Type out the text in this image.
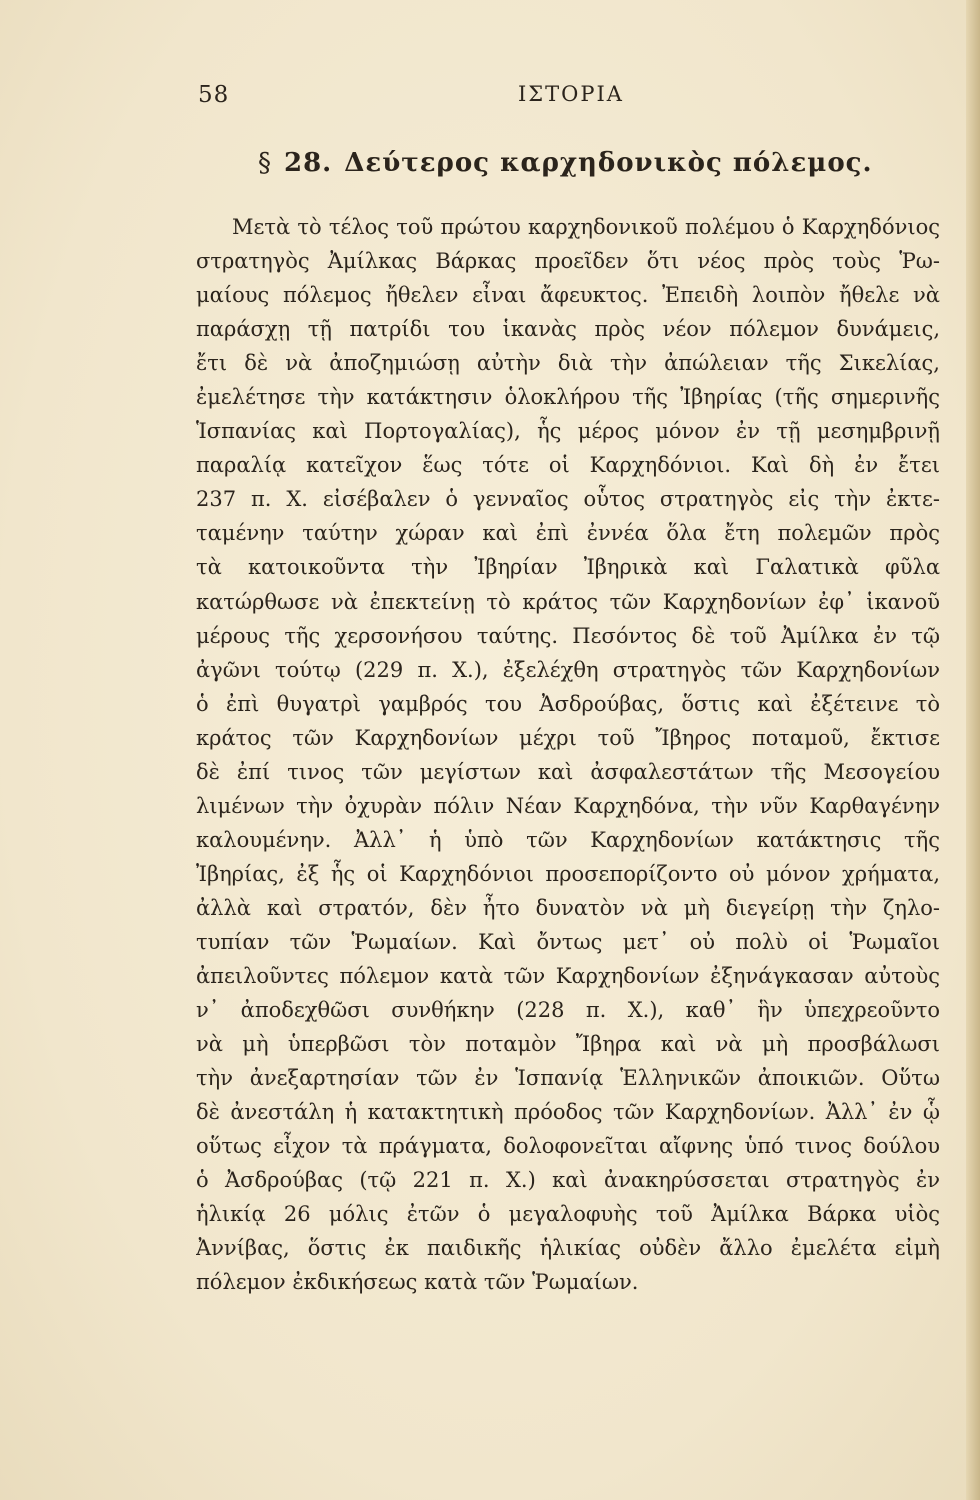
58	ΙΣΤΟΡΙΑ
§ 28. Δεύτερος καρχηδονικὸς πόλεμος.
Μετὰ τὸ τέλος τοῦ πρώτου καρχηδονικοῦ πολέμου ὁ Καρχηδόνιος
στρατηγὸς Ἀμίλκας Βάρκας προεῖδεν ὅτι νέος πρὸς τοὺς Ῥω-
μαίους πόλεμος ἤθελεν εἶναι ἄφευκτος. Ἐπειδὴ λοιπὸν ἤθελε νὰ
παράσχῃ τῇ πατρίδι του ἱκανὰς πρὸς νέον πόλεμον δυνάμεις,
ἔτι δὲ νὰ ἀποζημιώσῃ αὐτὴν διὰ τὴν ἀπώλειαν τῆς Σικελίας,
ἐμελέτησε τὴν κατάκτησιν ὁλοκλήρου τῆς Ἰβηρίας (τῆς σημερινῆς
Ἱσπανίας καὶ Πορτογαλίας), ἧς μέρος μόνον ἐν τῇ μεσημβρινῇ
παραλίᾳ κατεῖχον ἕως τότε οἱ Καρχηδόνιοι. Καὶ δὴ ἐν ἔτει
237 π. Χ. εἰσέβαλεν ὁ γενναῖος οὗτος στρατηγὸς εἰς τὴν ἐκτε-
ταμένην ταύτην χώραν καὶ ἐπὶ ἐννέα ὅλα ἔτη πολεμῶν πρὸς
τὰ κατοικοῦντα τὴν Ἰβηρίαν Ἰβηρικὰ καὶ Γαλατικὰ φῦλα
κατώρθωσε νὰ ἐπεκτείνῃ τὸ κράτος τῶν Καρχηδονίων ἐφ᾽ ἱκανοῦ
μέρους τῆς χερσονήσου ταύτης. Πεσόντος δὲ τοῦ Ἀμίλκα ἐν τῷ
ἀγῶνι τούτῳ (229 π. Χ.), ἐξελέχθη στρατηγὸς τῶν Καρχηδονίων
ὁ ἐπὶ θυγατρὶ γαμβρός του Ἀσδρούβας, ὅστις καὶ ἐξέτεινε τὸ
κράτος τῶν Καρχηδονίων μέχρι τοῦ Ἴβηρος ποταμοῦ, ἔκτισε
δὲ ἐπί τινος τῶν μεγίστων καὶ ἀσφαλεστάτων τῆς Μεσογείου
λιμένων τὴν ὀχυρὰν πόλιν Νέαν Καρχηδόνα, τὴν νῦν Καρθαγένην
καλουμένην. Ἀλλ᾽ ἡ ὑπὸ τῶν Καρχηδονίων κατάκτησις τῆς
Ἰβηρίας, ἐξ ἧς οἱ Καρχηδόνιοι προσεπορίζοντο οὐ μόνον χρήματα,
ἀλλὰ καὶ στρατόν, δὲν ἦτο δυνατὸν νὰ μὴ διεγείρῃ τὴν ζηλο-
τυπίαν τῶν Ῥωμαίων. Καὶ ὄντως μετ᾽ οὐ πολὺ οἱ Ῥωμαῖοι
ἀπειλοῦντες πόλεμον κατὰ τῶν Καρχηδονίων ἐξηνάγκασαν αὐτοὺς
ν᾽ ἀποδεχθῶσι συνθήκην (228 π. Χ.), καθ᾽ ἣν ὑπεχρεοῦντο
νὰ μὴ ὑπερβῶσι τὸν ποταμὸν Ἴβηρα καὶ νὰ μὴ προσβάλωσι
τὴν ἀνεξαρτησίαν τῶν ἐν Ἱσπανίᾳ Ἑλληνικῶν ἀποικιῶν. Οὕτω
δὲ ἀνεστάλη ἡ κατακτητικὴ πρόοδος τῶν Καρχηδονίων. Ἀλλ᾽ ἐν ᾧ
οὕτως εἶχον τὰ πράγματα, δολοφονεῖται αἴφνης ὑπό τινος δούλου
ὁ Ἀσδρούβας (τῷ 221 π. Χ.) καὶ ἀνακηρύσσεται στρατηγὸς ἐν
ἡλικίᾳ 26 μόλις ἐτῶν ὁ μεγαλοφυὴς τοῦ Ἀμίλκα Βάρκα υἱὸς
Ἀννίβας, ὅστις ἐκ παιδικῆς ἡλικίας οὐδὲν ἄλλο ἐμελέτα εἰμὴ
πόλεμον ἐκδικήσεως κατὰ τῶν Ῥωμαίων.
